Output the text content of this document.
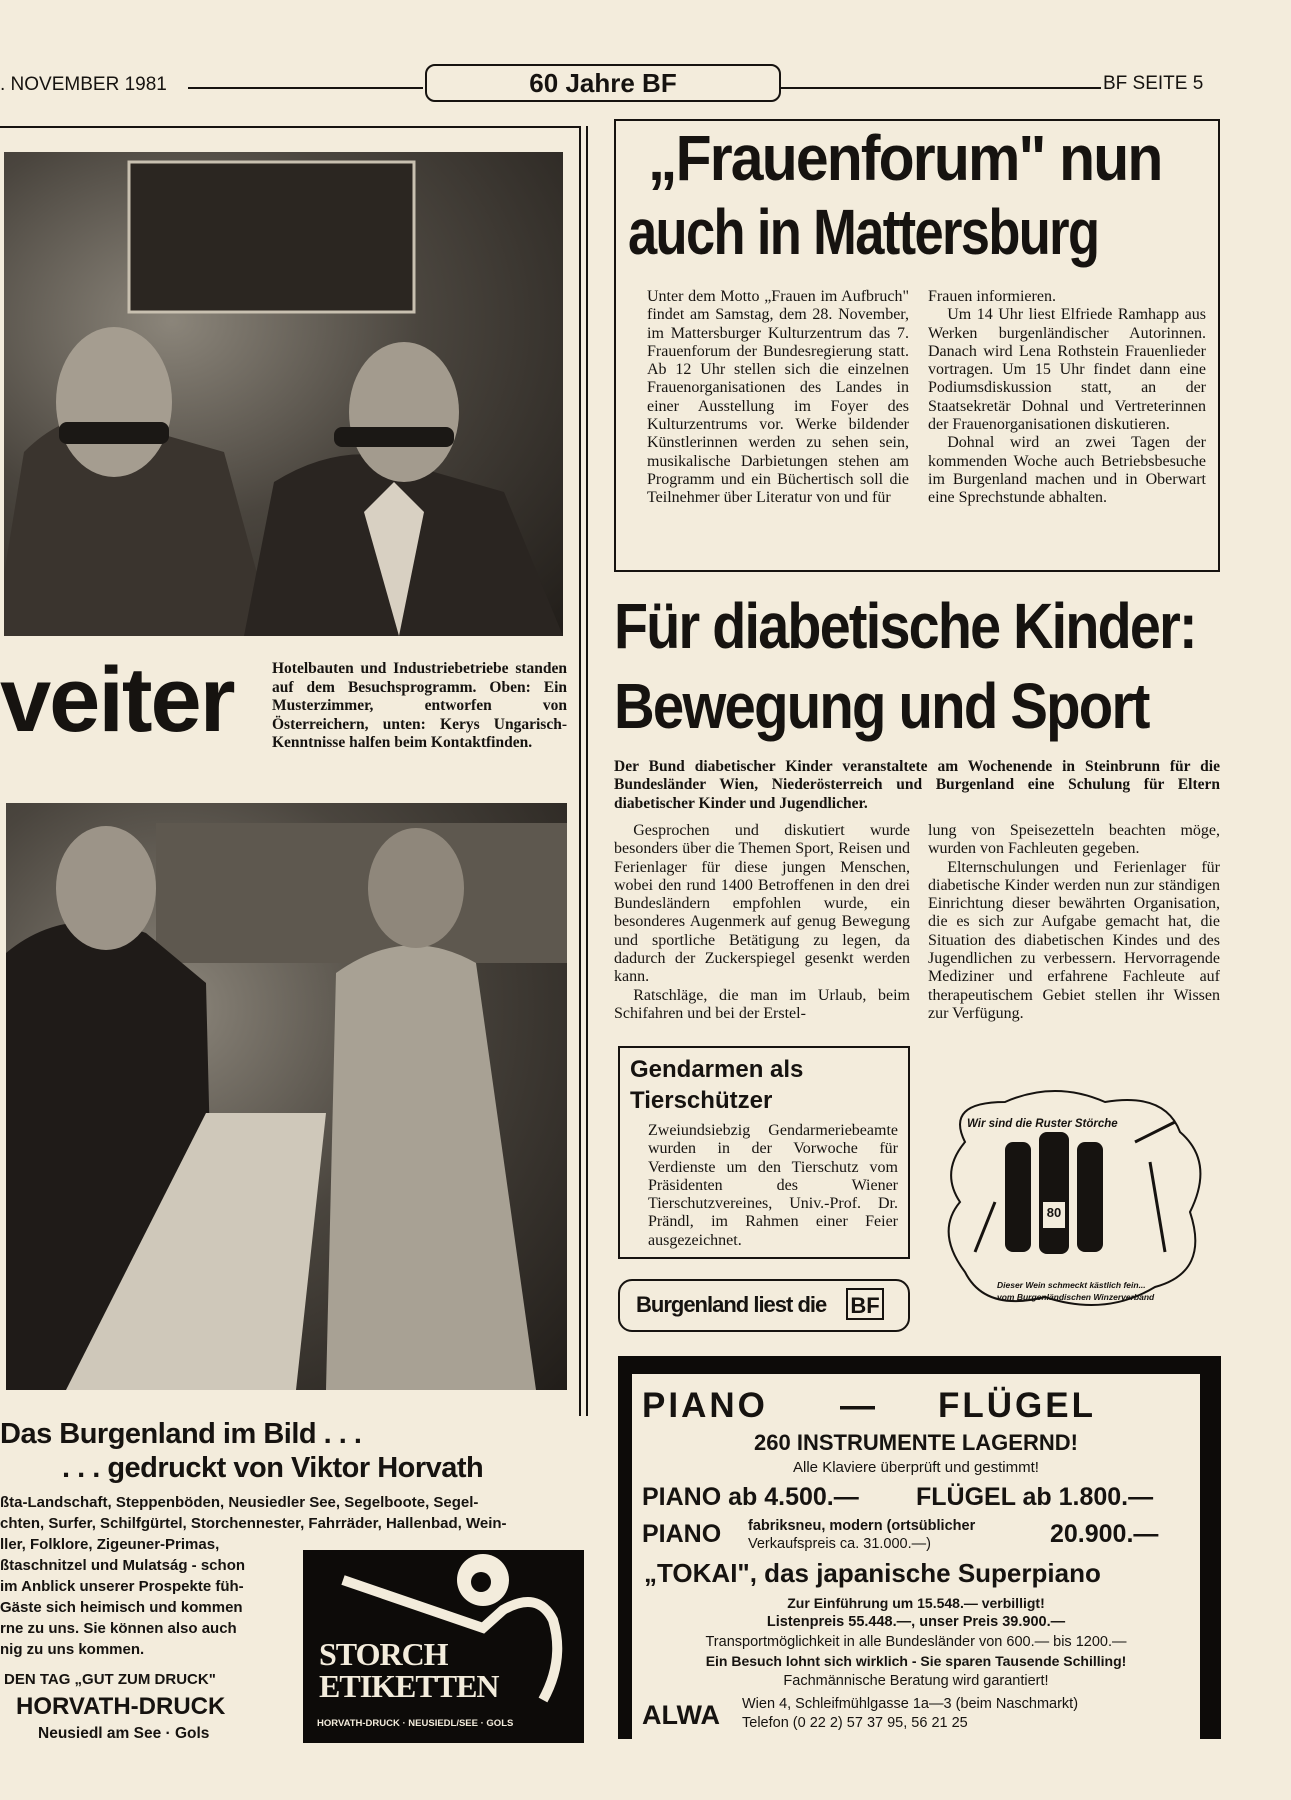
. NOVEMBER 1981	60 Jahre BF	BF SEITE 5
veiter Hotelbauten und Industriebetriebe standen auf dem Besuchsprogramm. Oben: Ein Musterzimmer, entworfen von Österreichern, unten: Kerys Ungarisch-Kenntnisse halfen beim Kontaktfinden.
Das Burgenland im Bild . . .
. . . gedruckt von Viktor Horvath
ßta-Landschaft, Steppenböden, Neusiedler See, Segelboote, Segel-
chten, Surfer, Schilfgürtel, Storchennester, Fahrräder, Hallenbad, Wein-
ller, Folklore, Zigeuner-Primas,
ßtaschnitzel und Mulatság - schon
im Anblick unserer Prospekte füh-
Gäste sich heimisch und kommen
rne zu uns. Sie können also auch
nig zu uns kommen.
DEN TAG „GUT ZUM DRUCK"
HORVATH-DRUCK
Neusiedl am See · Gols
STORCH
ETIKETTEN
HORVATH-DRUCK · NEUSIEDL/SEE · GOLS
„Frauenforum" nun
auch in Mattersburg

Unter dem Motto „Frauen im Aufbruch" findet am Samstag, dem 28. November, im Mattersburger Kulturzentrum das 7. Frauenforum der Bundesregierung statt. Ab 12 Uhr stellen sich die einzelnen Frauenorganisationen des Landes in einer Ausstellung im Foyer des Kulturzentrums vor. Werke bildender Künstlerinnen werden zu sehen sein, musikalische Darbietungen stehen am Programm und ein Büchertisch soll die Teilnehmer über Literatur von und für

Frauen informieren.

Um 14 Uhr liest Elfriede Ramhapp aus Werken burgenländischer Autorinnen. Danach wird Lena Rothstein Frauenlieder vortragen. Um 15 Uhr findet dann eine Podiumsdiskussion statt, an der Staatsekretär Dohnal und Vertreterinnen der Frauenorganisationen diskutieren.

Dohnal wird an zwei Tagen der kommenden Woche auch Betriebsbesuche im Burgenland machen und in Oberwart eine Sprechstunde abhalten.

Für diabetische Kinder:
Bewegung und Sport
Der Bund diabetischer Kinder veranstaltete am Wochenende in Steinbrunn für die Bundesländer Wien, Niederösterreich und Burgenland eine Schulung für Eltern diabetischer Kinder und Jugendlicher.

Gesprochen und diskutiert wurde besonders über die Themen Sport, Reisen und Ferienlager für diese jungen Menschen, wobei den rund 1400 Betroffenen in den drei Bundesländern empfohlen wurde, ein besonderes Augenmerk auf genug Bewegung und sportliche Betätigung zu legen, da dadurch der Zuckerspiegel gesenkt werden kann.

Ratschläge, die man im Urlaub, beim Schifahren und bei der Erstel-

lung von Speisezetteln beachten möge, wurden von Fachleuten gegeben.

Elternschulungen und Ferienlager für diabetische Kinder werden nun zur ständigen Einrichtung dieser bewährten Organisation, die es sich zur Aufgabe gemacht hat, die Situation des diabetischen Kindes und des Jugendlichen zu verbessern. Hervorragende Mediziner und erfahrene Fachleute auf therapeutischem Gebiet stellen ihr Wissen zur Verfügung.

Gendarmen als
Tierschützer
Zweiundsiebzig Gendarmeriebeamte wurden in der Vorwoche für Verdienste um den Tierschutz vom Präsidenten des Wiener Tierschutzvereines, Univ.-Prof. Dr. Prändl, im Rahmen einer Feier ausgezeichnet.
Wir sind die Ruster Störche
80
Dieser Wein schmeckt kästlich fein...
vom Burgenländischen Winzerverband
Burgenland liest die BF
PIANO — FLÜGEL
260 INSTRUMENTE LAGERND!
Alle Klaviere überprüft und gestimmt!
PIANO ab 4.500.— FLÜGEL ab 1.800.—
PIANO fabriksneu, modern (ortsüblicher
Verkaufspreis ca. 31.000.—)	20.900.—
„TOKAI", das japanische Superpiano
Zur Einführung um 15.548.— verbilligt!
Listenpreis 55.448.—, unser Preis 39.900.—
Transportmöglichkeit in alle Bundesländer von 600.— bis 1200.—
Ein Besuch lohnt sich wirklich - Sie sparen Tausende Schilling!
Fachmännische Beratung wird garantiert!
ALWA Wien 4, Schleifmühlgasse 1a—3 (beim Naschmarkt)
Telefon (0 22 2) 57 37 95, 56 21 25
